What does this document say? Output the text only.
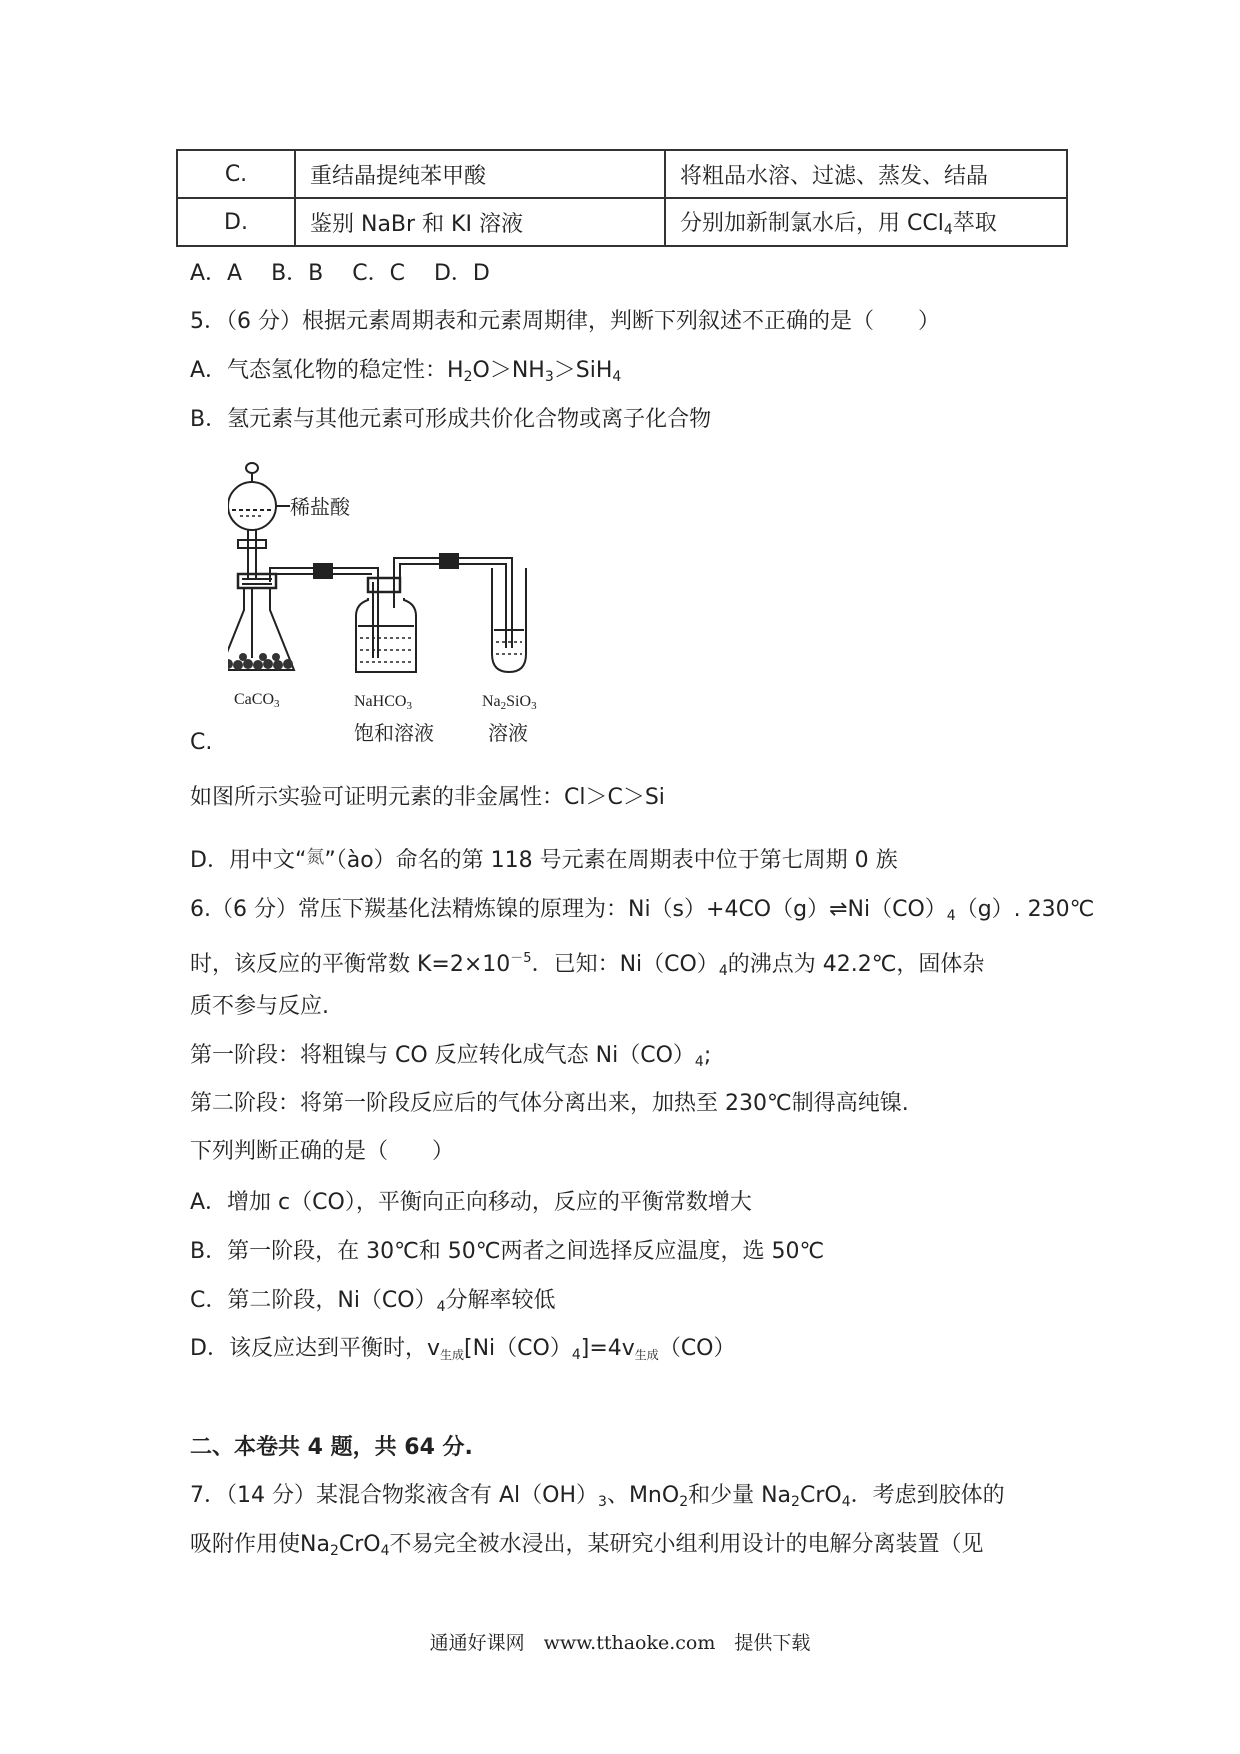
C.	重结晶提纯苯甲酸	将粗品水溶、过滤、蒸发、结晶
D.	鉴别 NaBr 和 KI 溶液	分别加新制氯水后，用 CCl$_4$萃取
A．A　 B．B　 C．C　 D．D
5．（6 分）根据元素周期表和元素周期律，判断下列叙述不正确的是（　　）
A．气态氢化物的稳定性：$H_2O>NH_3>SiH_4$
B．氢元素与其他元素可形成共价化合物或离子化合物
稀盐酸
CaCO3	NaHCO3	Na2SiO3
饱和溶液	溶液
C.
如图所示实验可证明元素的非金属性：Cl＞C＞Si
D．用中文“氮”（ào）命名的第 118 号元素在周期表中位于第七周期 0 族
6.（6 分）常压下羰基化法精炼镍的原理为：$Ni(s)+4CO(g)\rightleftharpoons Ni(CO)_4(g)$. 230℃
时，该反应的平衡常数 $K=2\times 10^{-5}$．已知：$Ni(CO)_4$的沸点为 42.2℃，固体杂
质不参与反应.
第一阶段：将粗镍与 CO 反应转化成气态 $Ni(CO)_4$;
第二阶段：将第一阶段反应后的气体分离出来，加热至 230℃制得高纯镍.
下列判断正确的是（　　）
A．增加 c（CO），平衡向正向移动，反应的平衡常数增大
B．第一阶段，在 30℃和 50℃两者之间选择反应温度，选 50℃
C．第二阶段，$Ni(CO)_4$分解率较低
D．该反应达到平衡时，v生成$[Ni(CO)_4]=4v$生成（CO）
二、本卷共 4 题，共 64 分.
7．（14 分）某混合物浆液含有 $Al(OH)_3$、MnO$_2$和少量 $Na_2CrO_4$．考虑到胶体的
吸附作用使$Na_2CrO_4$不易完全被水浸出，某研究小组利用设计的电解分离装置（见
通通好课网　www.tthaoke.com　提供下载
